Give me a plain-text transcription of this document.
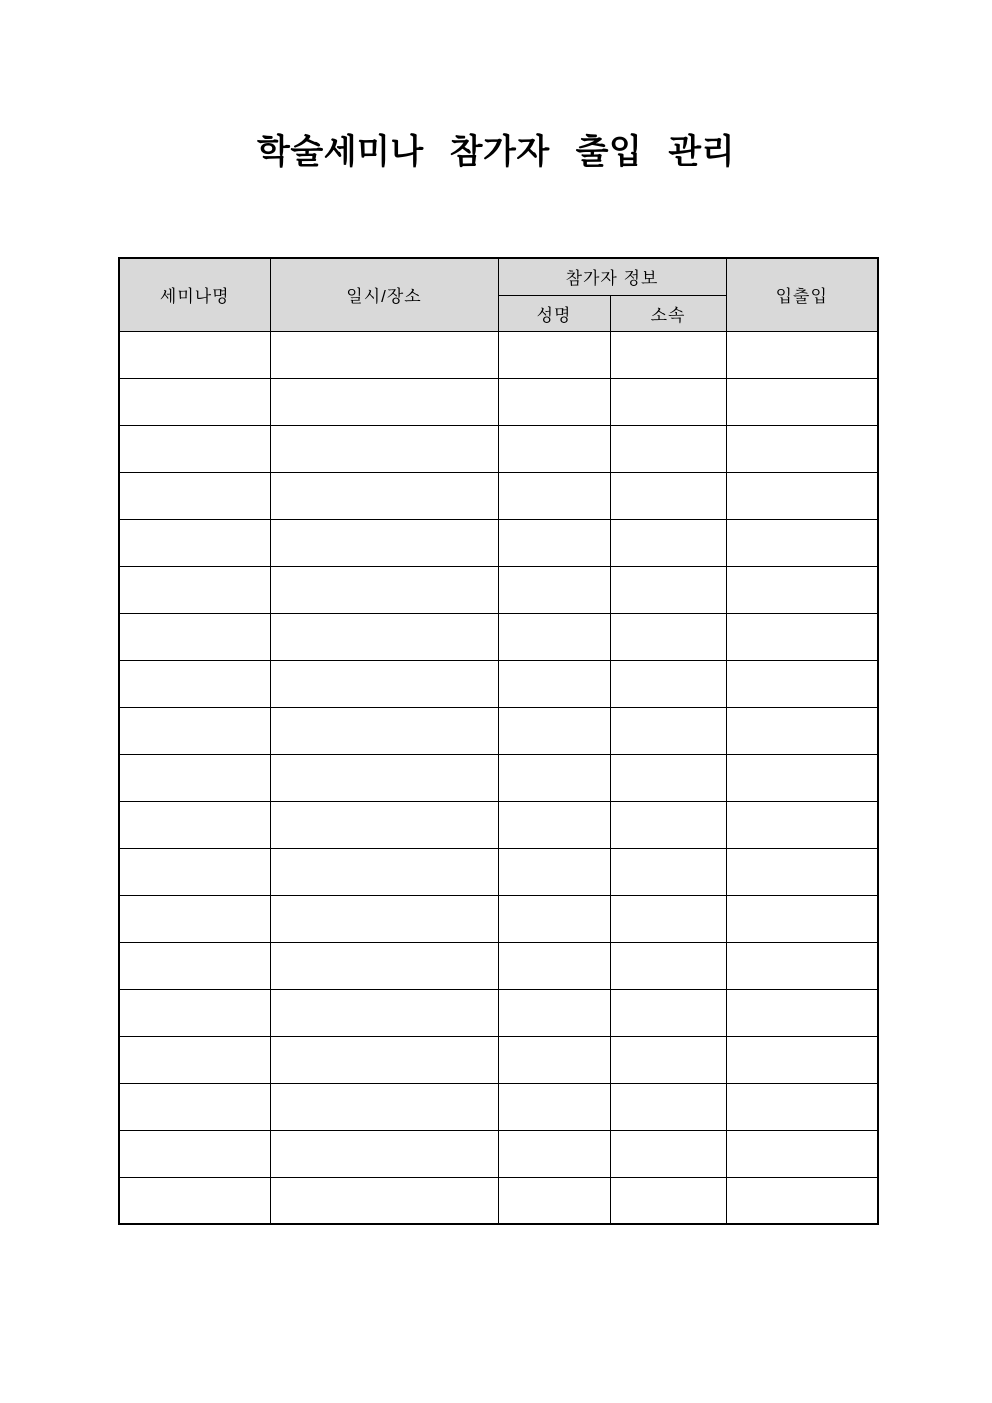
학술세미나 참가자 출입 관리
세미나명	일시/장소	참가자 정보		입출입
		성명	소속	
